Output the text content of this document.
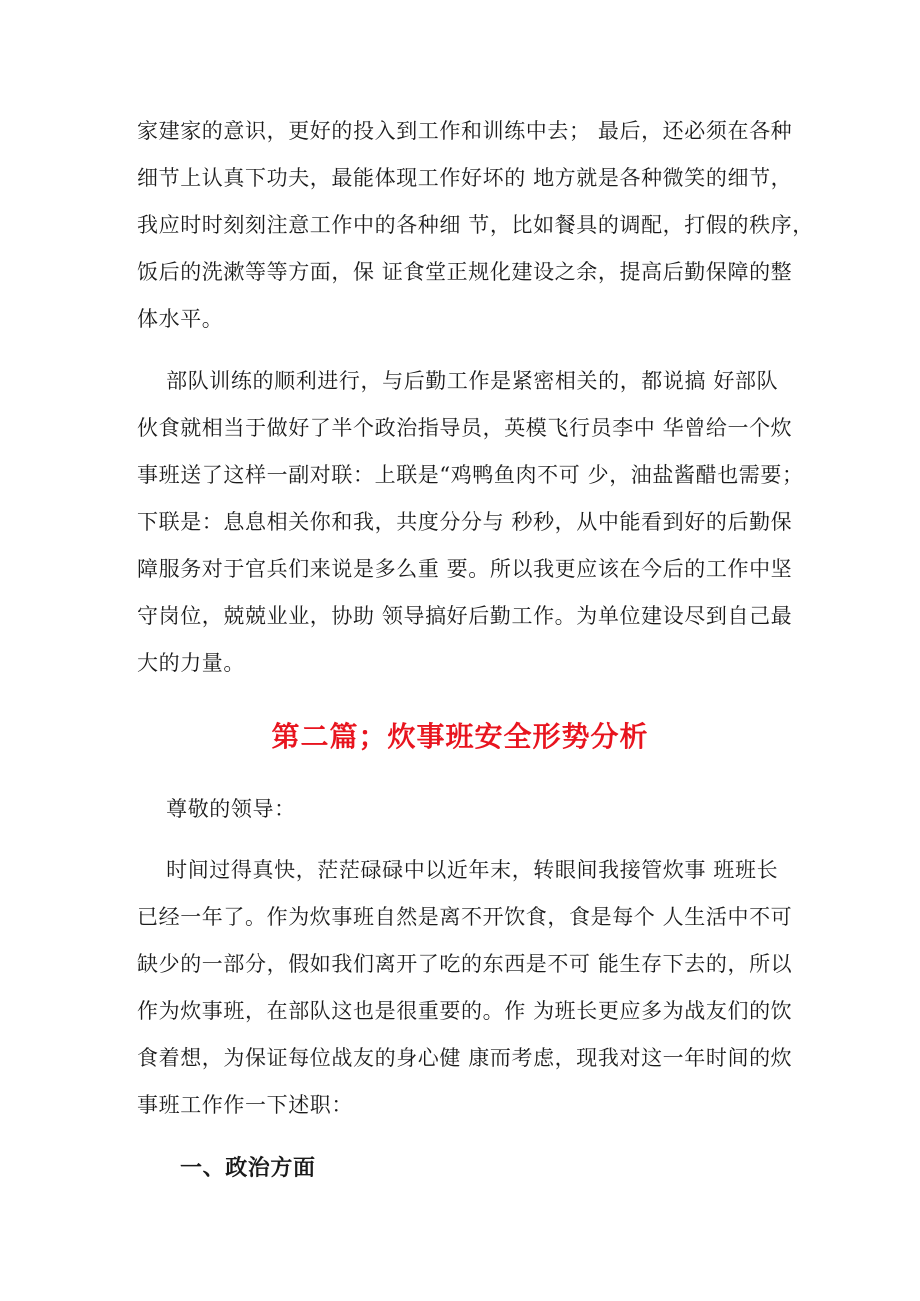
家建家的意识，更好的投入到工作和训练中去； 最后，还必须在各种
细节上认真下功夫，最能体现工作好坏的 地方就是各种微笑的细节，
我应时时刻刻注意工作中的各种细 节，比如餐具的调配，打假的秩序，
饭后的洗漱等等方面，保 证食堂正规化建设之余，提高后勤保障的整
体水平。
部队训练的顺利进行，与后勤工作是紧密相关的，都说搞 好部队
伙食就相当于做好了半个政治指导员，英模飞行员李中 华曾给一个炊
事班送了这样一副对联：上联是“鸡鸭鱼肉不可 少，油盐酱醋也需要；
下联是：息息相关你和我，共度分分与 秒秒，从中能看到好的后勤保
障服务对于官兵们来说是多么重 要。所以我更应该在今后的工作中坚
守岗位，兢兢业业，协助 领导搞好后勤工作。为单位建设尽到自己最
大的力量。
第二篇；炊事班安全形势分析
尊敬的领导：
时间过得真快，茫茫碌碌中以近年末，转眼间我接管炊事 班班长
已经一年了。作为炊事班自然是离不开饮食，食是每个 人生活中不可
缺少的一部分，假如我们离开了吃的东西是不可 能生存下去的，所以
作为炊事班，在部队这也是很重要的。作 为班长更应多为战友们的饮
食着想，为保证每位战友的身心健 康而考虑，现我对这一年时间的炊
事班工作作一下述职：
一、政治方面
